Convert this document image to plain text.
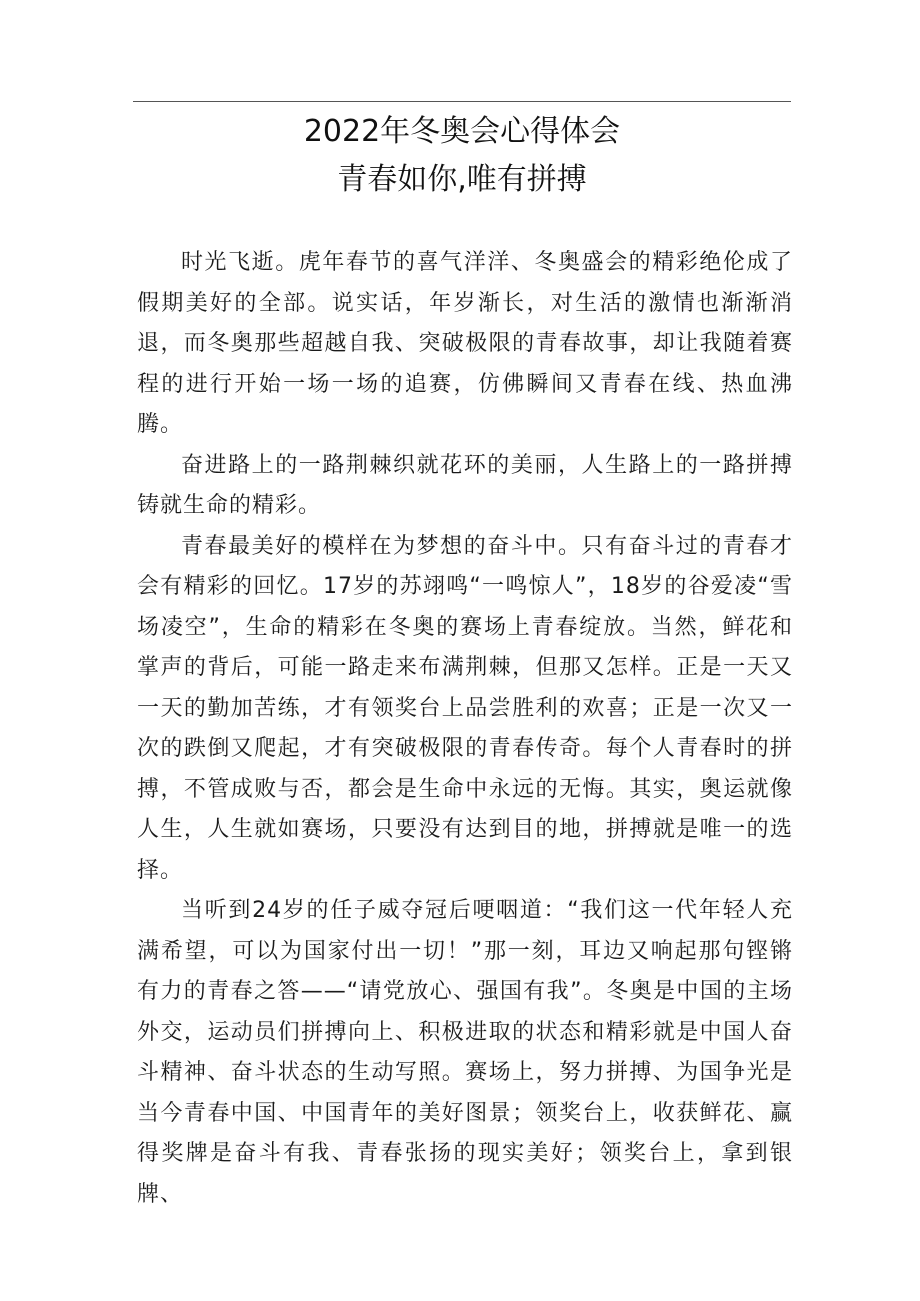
2022年冬奥会心得体会
青春如你,唯有拼搏

时光飞逝。虎年春节的喜气洋洋、冬奥盛会的精彩绝伦成了假期美好的全部。说实话，年岁渐长，对生活的激情也渐渐消退，而冬奥那些超越自我、突破极限的青春故事，却让我随着赛程的进行开始一场一场的追赛，仿佛瞬间又青春在线、热血沸腾。

奋进路上的一路荆棘织就花环的美丽，人生路上的一路拼搏铸就生命的精彩。

青春最美好的模样在为梦想的奋斗中。只有奋斗过的青春才会有精彩的回忆。17岁的苏翊鸣“一鸣惊人”，18岁的谷爱凌“雪场凌空”，生命的精彩在冬奥的赛场上青春绽放。当然，鲜花和掌声的背后，可能一路走来布满荆棘，但那又怎样。正是一天又一天的勤加苦练，才有领奖台上品尝胜利的欢喜；正是一次又一次的跌倒又爬起，才有突破极限的青春传奇。每个人青春时的拼搏，不管成败与否，都会是生命中永远的无悔。其实，奥运就像人生，人生就如赛场，只要没有达到目的地，拼搏就是唯一的选择。

当听到24岁的任子威夺冠后哽咽道：“我们这一代年轻人充满希望，可以为国家付出一切！”那一刻，耳边又响起那句铿锵有力的青春之答——“请党放心、强国有我”。冬奥是中国的主场外交，运动员们拼搏向上、积极进取的状态和精彩就是中国人奋斗精神、奋斗状态的生动写照。赛场上，努力拼搏、为国争光是当今青春中国、中国青年的美好图景；领奖台上，收获鲜花、赢得奖牌是奋斗有我、青春张扬的现实美好；领奖台上，拿到银牌、
